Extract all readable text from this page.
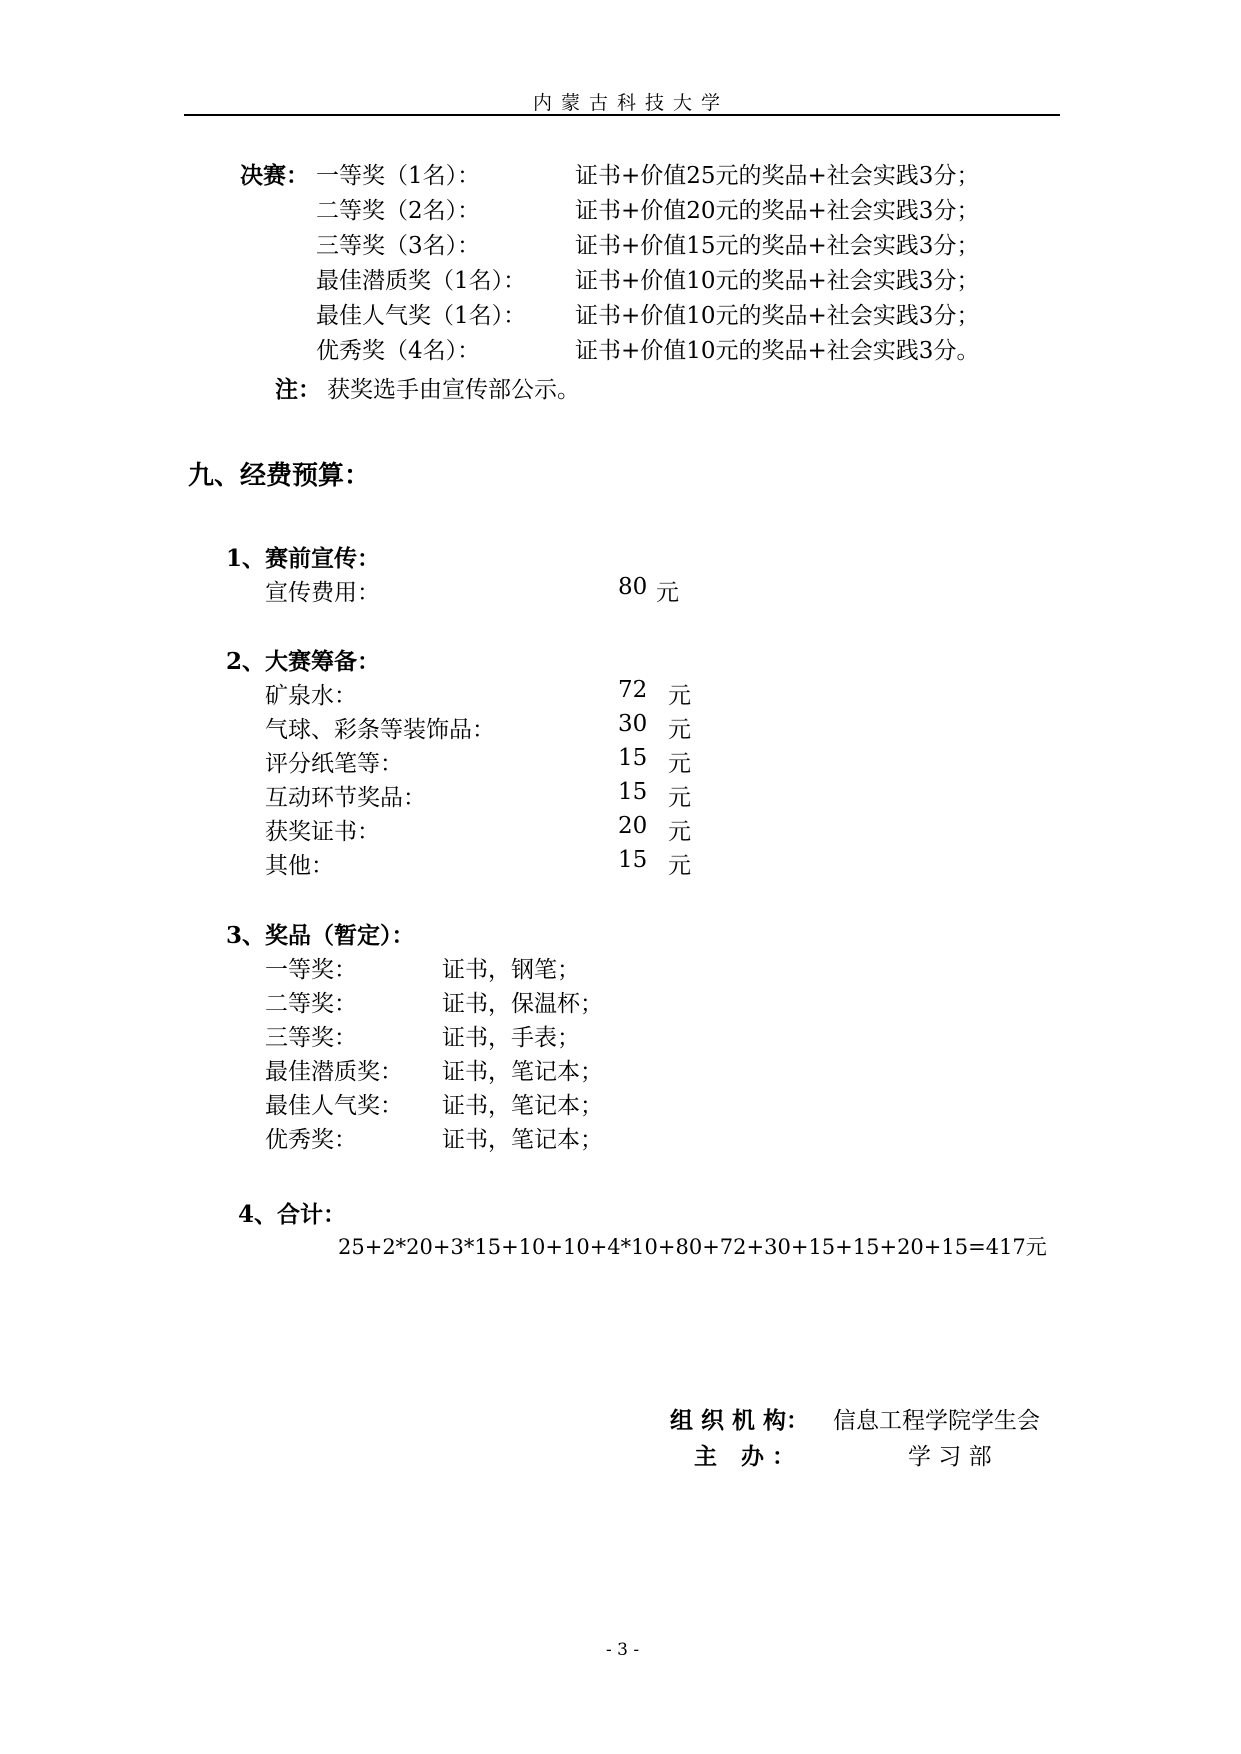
内蒙古科技大学
决赛： 一等奖（1名）：	证书+价值25元的奖品+社会实践3分；
二等奖（2名）：	证书+价值20元的奖品+社会实践3分；
三等奖（3名）：	证书+价值15元的奖品+社会实践3分；
最佳潜质奖（1名）： 证书+价值10元的奖品+社会实践3分；
最佳人气奖（1名）： 证书+价值10元的奖品+社会实践3分；
优秀奖（4名）：	证书+价值10元的奖品+社会实践3分。
注： 获奖选手由宣传部公示。
九、经费预算：
1、赛前宣传：
宣传费用：	80 元
2、大赛筹备：
矿泉水：	72 元
气球、彩条等装饰品：	30 元
评分纸笔等：	15 元
互动环节奖品：	15 元
获奖证书：	20 元
其他：	15 元
3、奖品（暂定）：
一等奖：	证书，钢笔；
二等奖：	证书，保温杯；
三等奖：	证书，手表；
最佳潜质奖： 证书，笔记本；
最佳人气奖： 证书，笔记本；
优秀奖：	证书，笔记本；
4、合计：
25+2*20+3*15+10+10+4*10+80+72+30+15+15+20+15=417元
组 织 机 构： 信息工程学院学生会
主   办 ：	学 习 部
- 3 -
